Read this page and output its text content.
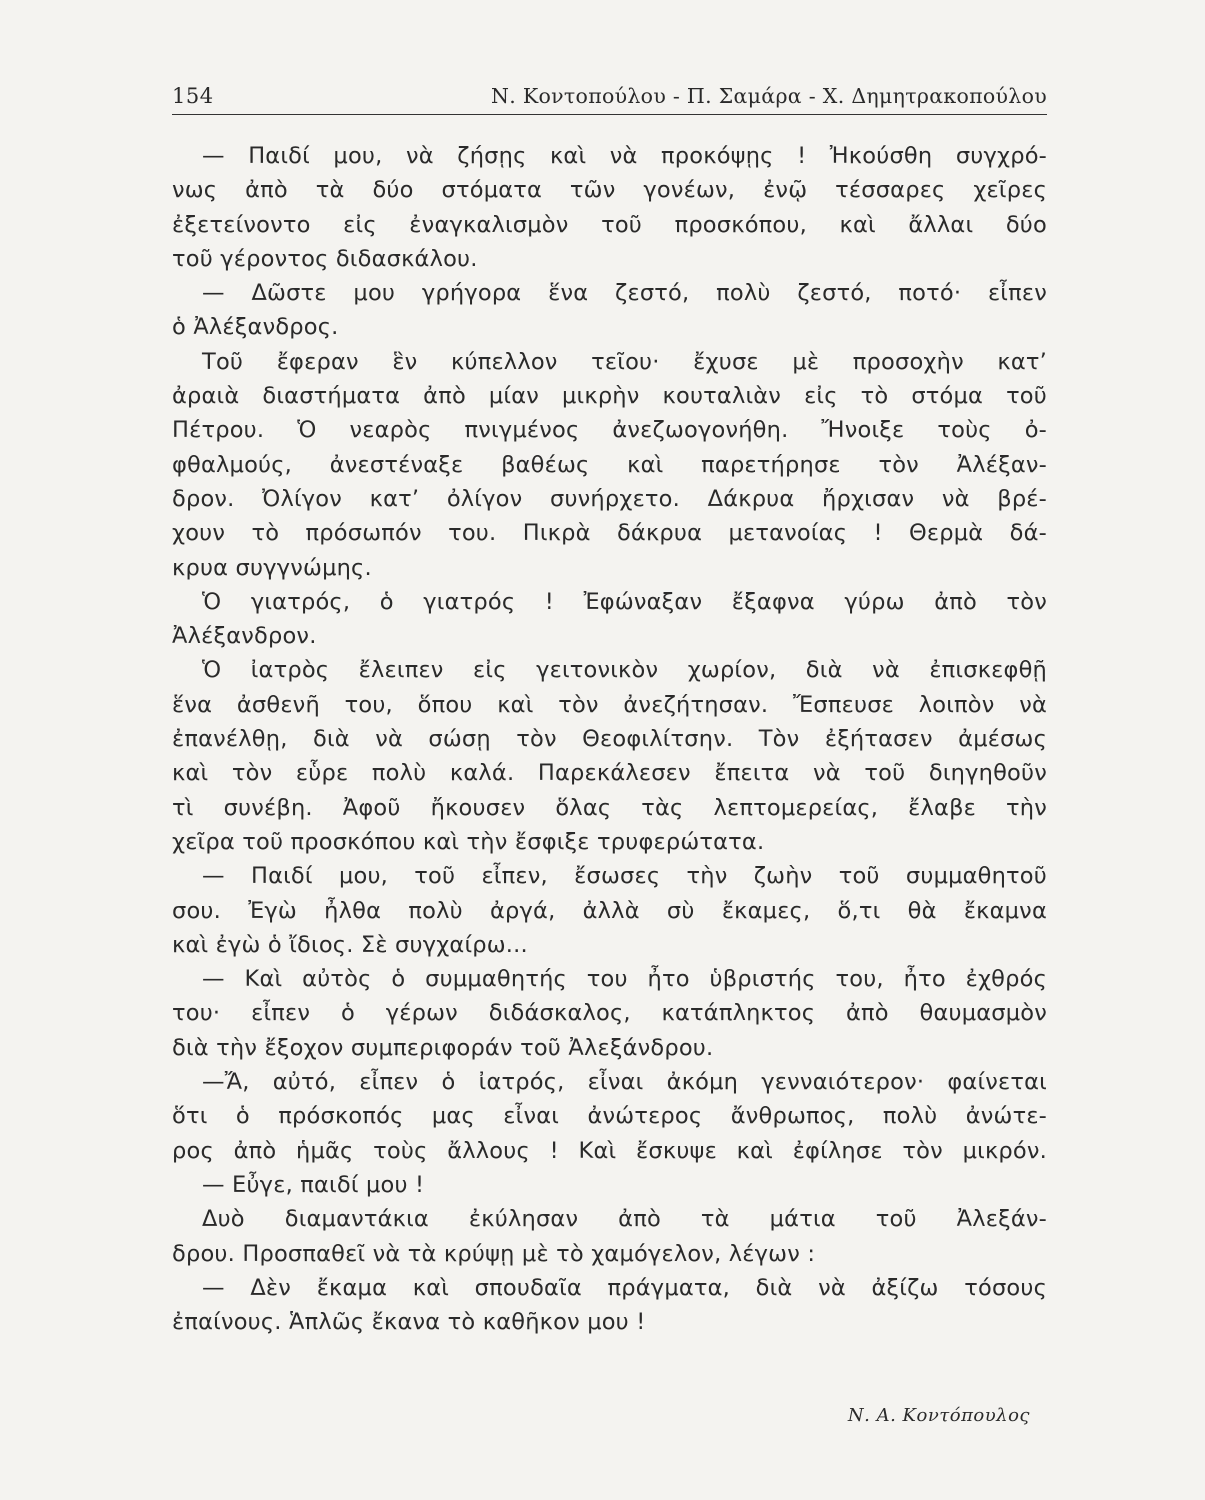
154	Ν. Κοντοπούλου - Π. Σαμάρα - Χ. Δημητρακοπούλου
— Παιδί μου, νὰ ζήσῃς καὶ νὰ προκόψῃς ! Ἠκούσθη συγχρό-
νως ἀπὸ τὰ δύο στόματα τῶν γονέων, ἐνῷ τέσσαρες χεῖρες
ἐξετείνοντο εἰς ἐναγκαλισμὸν τοῦ προσκόπου, καὶ ἄλλαι δύο
τοῦ γέροντος διδασκάλου.
— Δῶστε μου γρήγορα ἕνα ζεστό, πολὺ ζεστό, ποτό· εἶπεν
ὁ Ἀλέξανδρος.
Τοῦ ἔφεραν ἓν κύπελλον τεῖου· ἔχυσε μὲ προσοχὴν κατ’
ἀραιὰ διαστήματα ἀπὸ μίαν μικρὴν κουταλιὰν εἰς τὸ στόμα τοῦ
Πέτρου. Ὁ νεαρὸς πνιγμένος ἀνεζωογονήθη. Ἤνοιξε τοὺς ὀ-
φθαλμούς, ἀνεστέναξε βαθέως καὶ παρετήρησε τὸν Ἀλέξαν-
δρον. Ὀλίγον κατ’ ὀλίγον συνήρχετο. Δάκρυα ἤρχισαν νὰ βρέ-
χουν τὸ πρόσωπόν του. Πικρὰ δάκρυα μετανοίας ! Θερμὰ δά-
κρυα συγγνώμης.
Ὁ γιατρός, ὁ γιατρός ! Ἐφώναξαν ἔξαφνα γύρω ἀπὸ τὸν
Ἀλέξανδρον.
Ὁ ἰατρὸς ἔλειπεν εἰς γειτονικὸν χωρίον, διὰ νὰ ἐπισκεφθῇ
ἕνα ἀσθενῆ του, ὅπου καὶ τὸν ἀνεζήτησαν. Ἔσπευσε λοιπὸν νὰ
ἐπανέλθῃ, διὰ νὰ σώσῃ τὸν Θεοφιλίτσην. Τὸν ἐξήτασεν ἀμέσως
καὶ τὸν εὗρε πολὺ καλά. Παρεκάλεσεν ἔπειτα νὰ τοῦ διηγηθοῦν
τὶ συνέβη. Ἀφοῦ ἤκουσεν ὅλας τὰς λεπτομερείας, ἔλαβε τὴν
χεῖρα τοῦ προσκόπου καὶ τὴν ἔσφιξε τρυφερώτατα.
— Παιδί μου, τοῦ εἶπεν, ἔσωσες τὴν ζωὴν τοῦ συμμαθητοῦ
σου. Ἐγὼ ἦλθα πολὺ ἀργά, ἀλλὰ σὺ ἔκαμες, ὅ,τι θὰ ἔκαμνα
καὶ ἐγὼ ὁ ἴδιος. Σὲ συγχαίρω...
— Καὶ αὐτὸς ὁ συμμαθητής του ἦτο ὑβριστής του, ἦτο ἐχθρός
του· εἶπεν ὁ γέρων διδάσκαλος, κατάπληκτος ἀπὸ θαυμασμὸν
διὰ τὴν ἔξοχον συμπεριφοράν τοῦ Ἀλεξάνδρου.
—Ἄ, αὐτό, εἶπεν ὁ ἰατρός, εἶναι ἀκόμη γενναιότερον· φαίνεται
ὅτι ὁ πρόσκοπός μας εἶναι ἀνώτερος ἄνθρωπος, πολὺ ἀνώτε-
ρος ἀπὸ ἡμᾶς τοὺς ἄλλους ! Καὶ ἔσκυψε καὶ ἐφίλησε τὸν μικρόν.
— Εὖγε, παιδί μου !
Δυὸ διαμαντάκια ἐκύλησαν ἀπὸ τὰ μάτια τοῦ Ἀλεξάν-
δρου. Προσπαθεῖ νὰ τὰ κρύψῃ μὲ τὸ χαμόγελον, λέγων :
— Δὲν ἔκαμα καὶ σπουδαῖα πράγματα, διὰ νὰ ἀξίζω τόσους
ἐπαίνους. Ἁπλῶς ἔκανα τὸ καθῆκον μου !
Ν. Α. Κοντόπουλος
